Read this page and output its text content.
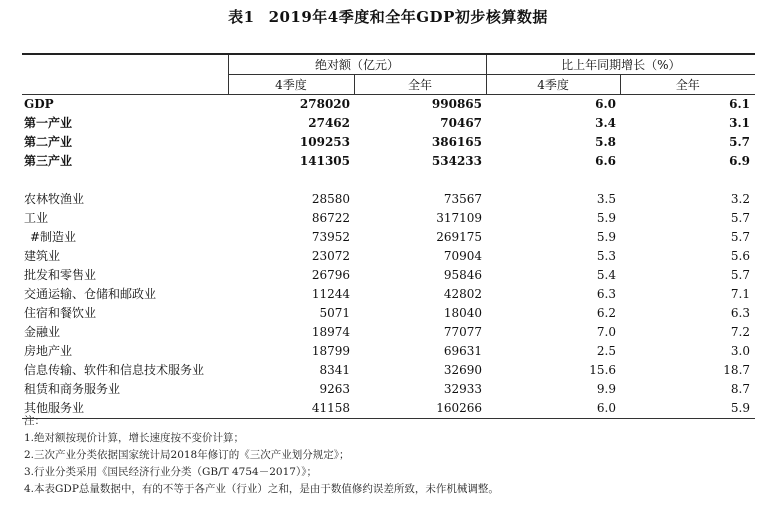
表1 2019年4季度和全年GDP初步核算数据
	绝对额（亿元）		比上年同期增长（%）	
	4季度	全年	4季度	全年
GDP	278020	990865	6.0	6.1
第一产业	27462	70467	3.4	3.1
第二产业	109253	386165	5.8	5.7
第三产业	141305	534233	6.6	6.9

农林牧渔业	28580	73567	3.5	3.2
工业	86722	317109	5.9	5.7
#制造业	73952	269175	5.9	5.7
建筑业	23072	70904	5.3	5.6
批发和零售业	26796	95846	5.4	5.7
交通运输、仓储和邮政业	11244	42802	6.3	7.1
住宿和餐饮业	5071	18040	6.2	6.3
金融业	18974	77077	7.0	7.2
房地产业	18799	69631	2.5	3.0
信息传输、软件和信息技术服务业	8341	32690	15.6	18.7
租赁和商务服务业	9263	32933	9.9	8.7
其他服务业	41158	160266	6.0	5.9
注：
1.绝对额按现价计算，增长速度按不变价计算；
2.三次产业分类依据国家统计局2018年修订的《三次产业划分规定》；
3.行业分类采用《国民经济行业分类（GB/T 4754－2017）》；
4.本表GDP总量数据中，有的不等于各产业（行业）之和，是由于数值修约误差所致，未作机械调整。
